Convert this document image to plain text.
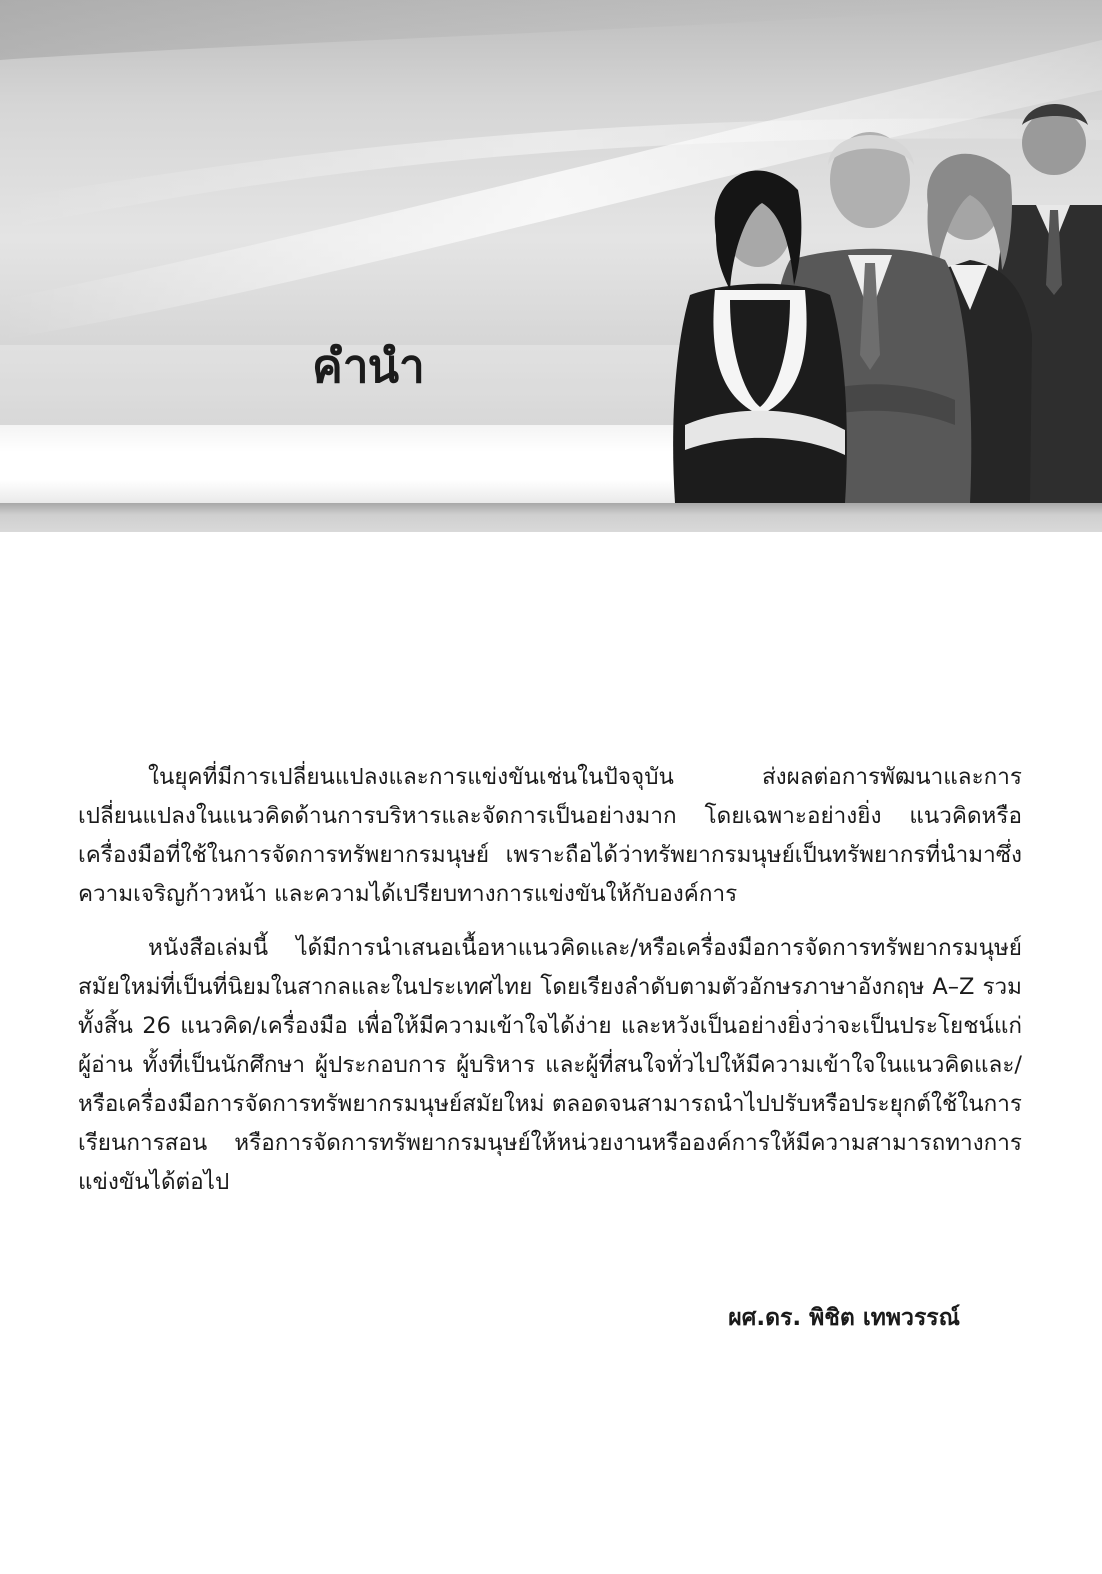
คำนำ

ในยุคที่มีการเปลี่ยนแปลงและการแข่งขันเช่นในปัจจุบัน ส่งผลต่อการพัฒนาและการเปลี่ยนแปลงในแนวคิดด้านการบริหารและจัดการเป็นอย่างมาก โดยเฉพาะอย่างยิ่ง แนวคิดหรือเครื่องมือที่ใช้ในการจัดการทรัพยากรมนุษย์ เพราะถือได้ว่าทรัพยากรมนุษย์เป็นทรัพยากรที่นำมาซึ่งความเจริญก้าวหน้า และความได้เปรียบทางการแข่งขันให้กับองค์การ

หนังสือเล่มนี้ ได้มีการนำเสนอเนื้อหาแนวคิดและ/หรือเครื่องมือการจัดการทรัพยากรมนุษย์สมัยใหม่ที่เป็นที่นิยมในสากลและในประเทศไทย โดยเรียงลำดับตามตัวอักษรภาษาอังกฤษ A–Z รวมทั้งสิ้น 26 แนวคิด/เครื่องมือ เพื่อให้มีความเข้าใจได้ง่าย และหวังเป็นอย่างยิ่งว่าจะเป็นประโยชน์แก่ผู้อ่าน ทั้งที่เป็นนักศึกษา ผู้ประกอบการ ผู้บริหาร และผู้ที่สนใจทั่วไปให้มีความเข้าใจในแนวคิดและ/หรือเครื่องมือการจัดการทรัพยากรมนุษย์สมัยใหม่ ตลอดจนสามารถนำไปปรับหรือประยุกต์ใช้ในการเรียนการสอน หรือการจัดการทรัพยากรมนุษย์ให้หน่วยงานหรือองค์การให้มีความสามารถทางการแข่งขันได้ต่อไป

ผศ.ดร. พิชิต เทพวรรณ์
